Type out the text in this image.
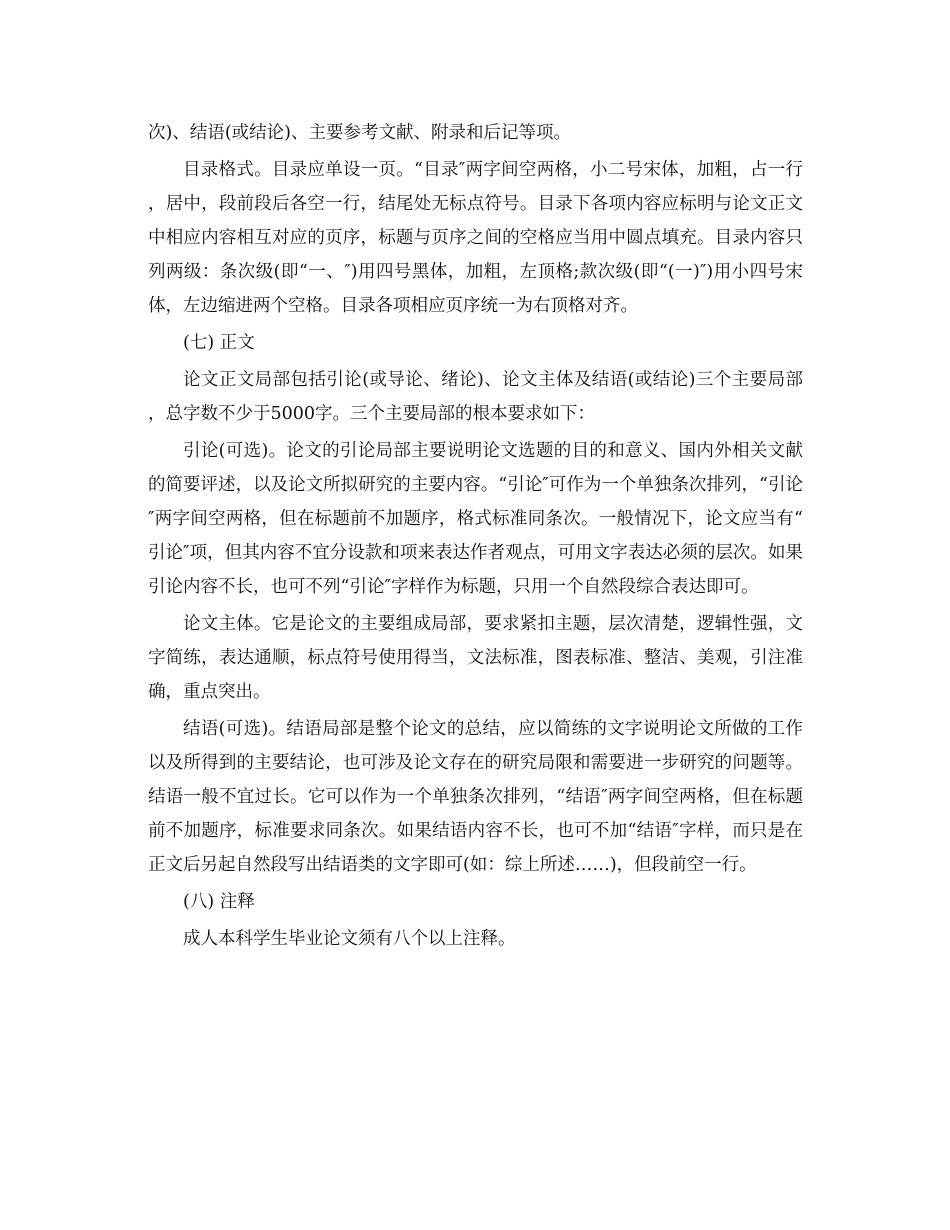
次)、结语(或结论)、主要参考文献、附录和后记等项。

目录格式。目录应单设一页。“目录″两字间空两格，小二号宋体，加粗，占一行，居中，段前段后各空一行，结尾处无标点符号。目录下各项内容应标明与论文正文中相应内容相互对应的页序，标题与页序之间的空格应当用中圆点填充。目录内容只列两级：条次级(即“一、″)用四号黑体，加粗，左顶格;款次级(即“(一)″)用小四号宋体，左边缩进两个空格。目录各项相应页序统一为右顶格对齐。

(七) 正文

论文正文局部包括引论(或导论、绪论)、论文主体及结语(或结论)三个主要局部，总字数不少于5000字。三个主要局部的根本要求如下：

引论(可选)。论文的引论局部主要说明论文选题的目的和意义、国内外相关文献的简要评述，以及论文所拟研究的主要内容。“引论″可作为一个单独条次排列，“引论″两字间空两格，但在标题前不加题序，格式标准同条次。一般情况下，论文应当有“引论″项，但其内容不宜分设款和项来表达作者观点，可用文字表达必须的层次。如果引论内容不长，也可不列“引论″字样作为标题，只用一个自然段综合表达即可。

论文主体。它是论文的主要组成局部，要求紧扣主题，层次清楚，逻辑性强，文字简练，表达通顺，标点符号使用得当，文法标准，图表标准、整洁、美观，引注准确，重点突出。

结语(可选)。结语局部是整个论文的总结，应以简练的文字说明论文所做的工作以及所得到的主要结论，也可涉及论文存在的研究局限和需要进一步研究的问题等。结语一般不宜过长。它可以作为一个单独条次排列，“结语″两字间空两格，但在标题前不加题序，标准要求同条次。如果结语内容不长，也可不加“结语″字样，而只是在正文后另起自然段写出结语类的文字即可(如：综上所述……)，但段前空一行。

(八) 注释

成人本科学生毕业论文须有八个以上注释。
